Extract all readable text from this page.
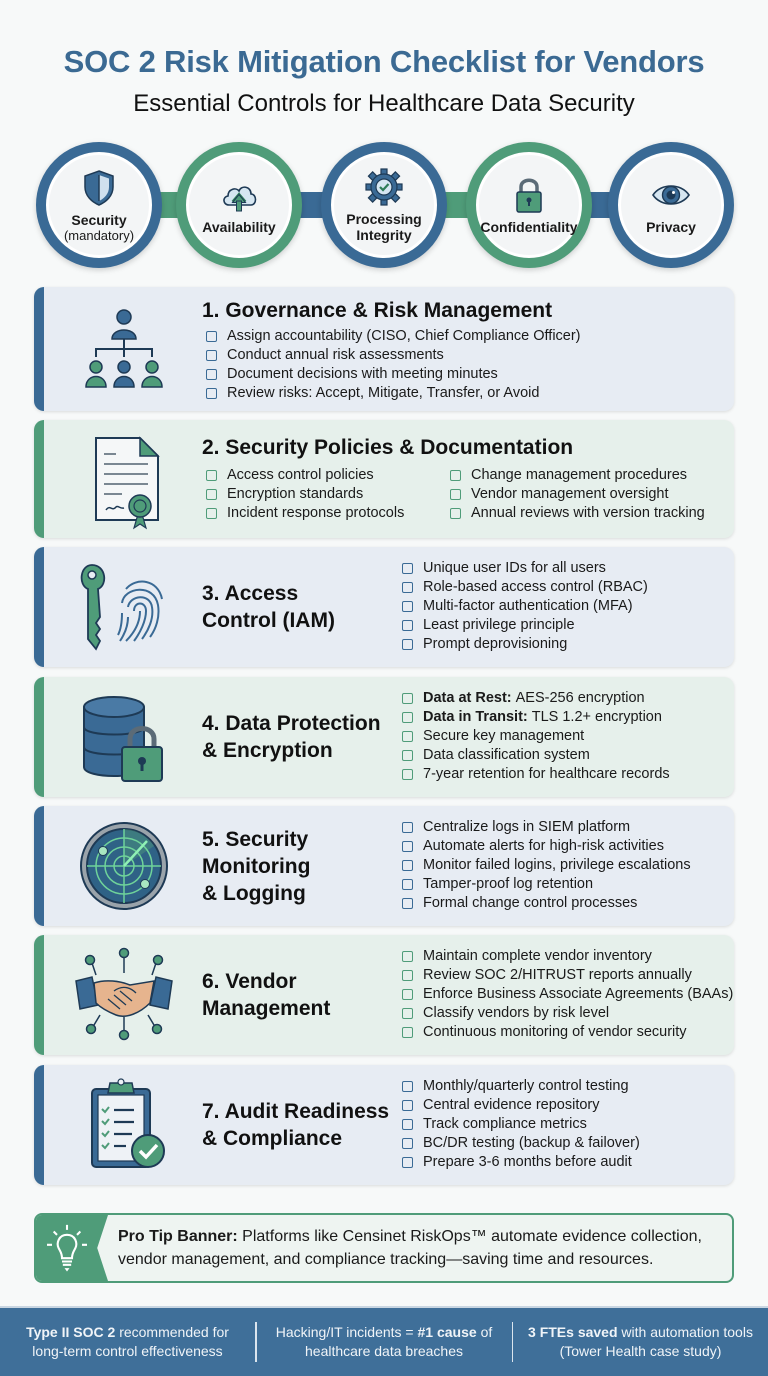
SOC 2 Risk Mitigation Checklist for Vendors
Essential Controls for Healthcare Data Security
Security
(mandatory)	Availability	Processing Integrity	Confidentiality	Privacy
1. Governance & Risk Management
Assign accountability (CISO, Chief Compliance Officer)
Conduct annual risk assessments
Document decisions with meeting minutes
Review risks: Accept, Mitigate, Transfer, or Avoid
2. Security Policies & Documentation
Access control policies
Encryption standards
Incident response protocols
Change management procedures
Vendor management oversight
Annual reviews with version tracking
3. Access
Control (IAM)
Unique user IDs for all users
Role-based access control (RBAC)
Multi-factor authentication (MFA)
Least privilege principle
Prompt deprovisioning
4. Data Protection
& Encryption
Data at Rest: AES-256 encryption
Data in Transit: TLS 1.2+ encryption
Secure key management
Data classification system
7-year retention for healthcare records
5. Security
Monitoring
& Logging
Centralize logs in SIEM platform
Automate alerts for high-risk activities
Monitor failed logins, privilege escalations
Tamper-proof log retention
Formal change control processes
6. Vendor
Management
Maintain complete vendor inventory
Review SOC 2/HITRUST reports annually
Enforce Business Associate Agreements (BAAs)
Classify vendors by risk level
Continuous monitoring of vendor security
7. Audit Readiness
& Compliance
Monthly/quarterly control testing
Central evidence repository
Track compliance metrics
BC/DR testing (backup & failover)
Prepare 3-6 months before audit
Pro Tip Banner: Platforms like Censinet RiskOps™ automate evidence collection, vendor management, and compliance tracking—saving time and resources.
Type II SOC 2 recommended for long-term control effectiveness
Hacking/IT incidents = #1 cause of healthcare data breaches
3 FTEs saved with automation tools (Tower Health case study)
